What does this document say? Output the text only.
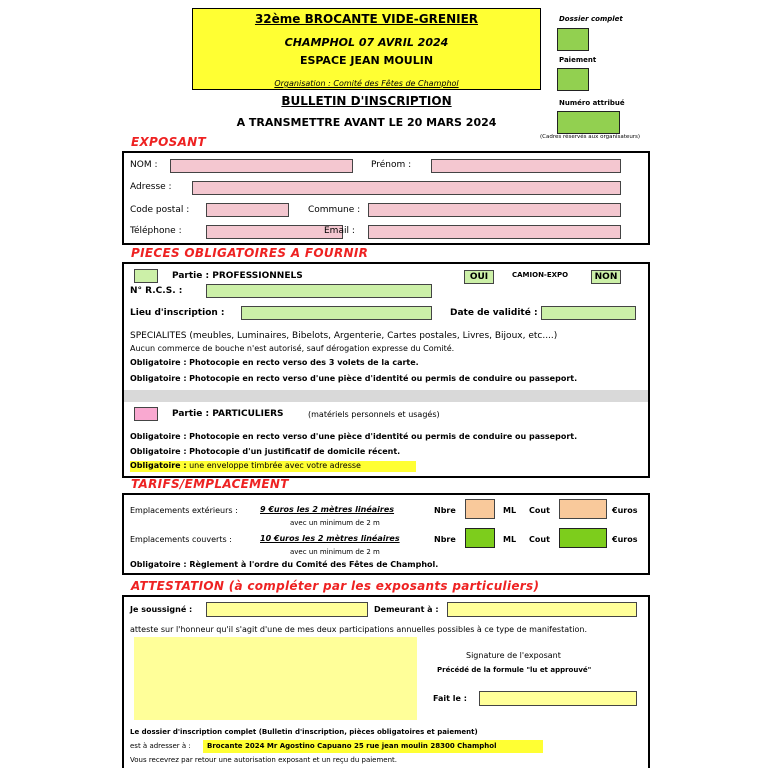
32ème BROCANTE VIDE-GRENIER
CHAMPHOL 07 AVRIL 2024
ESPACE JEAN MOULIN
Organisation : Comité des Fêtes de Champhol
BULLETIN D'INSCRIPTION
A TRANSMETTRE AVANT LE 20 MARS 2024
Dossier complet
Paiement
Numéro attribué
(Cadres réservés aux organisateurs)
EXPOSANT
NOM :	Prénom :
Adresse :
Code postal :	Commune :
Téléphone :	Email :
PIECES OBLIGATOIRES A FOURNIR
Partie : PROFESSIONNELS	OUI	CAMION-EXPO	NON
N° R.C.S. :
Lieu d'inscription :	Date de validité :
SPECIALITES (meubles, Luminaires, Bibelots, Argenterie, Cartes postales, Livres, Bijoux, etc....)
Aucun commerce de bouche n'est autorisé, sauf dérogation expresse du Comité.
Obligatoire : Photocopie en recto verso des 3 volets de la carte.
Obligatoire : Photocopie en recto verso d'une pièce d'identité ou permis de conduire ou passeport.
Partie : PARTICULIERS	(matériels personnels et usagés)
Obligatoire : Photocopie en recto verso d'une pièce d'identité ou permis de conduire ou passeport.
Obligatoire : Photocopie d'un justificatif de domicile récent.
Obligatoire : une enveloppe timbrée avec votre adresse
TARIFS/EMPLACEMENT
Emplacements extérieurs :	9 €uros les 2 mètres linéaires
avec un minimum de 2 m
Nbre	ML Cout	€uros
Emplacements couverts :	10 €uros les 2 mètres linéaires
avec un minimum de 2 m
Nbre	ML Cout	€uros
Obligatoire : Règlement à l'ordre du Comité des Fêtes de Champhol.
ATTESTATION (à compléter par les exposants particuliers)
Je soussigné :	Demeurant à :
atteste sur l'honneur qu'il s'agit d'une de mes deux participations annuelles possibles à ce type de manifestation.
Signature de l'exposant
Précédé de la formule "lu et approuvé"
Fait le :
Le dossier d'inscription complet (Bulletin d'inscription, pièces obligatoires et paiement)
est à adresser à :	Brocante 2024 Mr Agostino Capuano 25 rue jean moulin 28300 Champhol
Vous recevrez par retour une autorisation exposant et un reçu du paiement.
